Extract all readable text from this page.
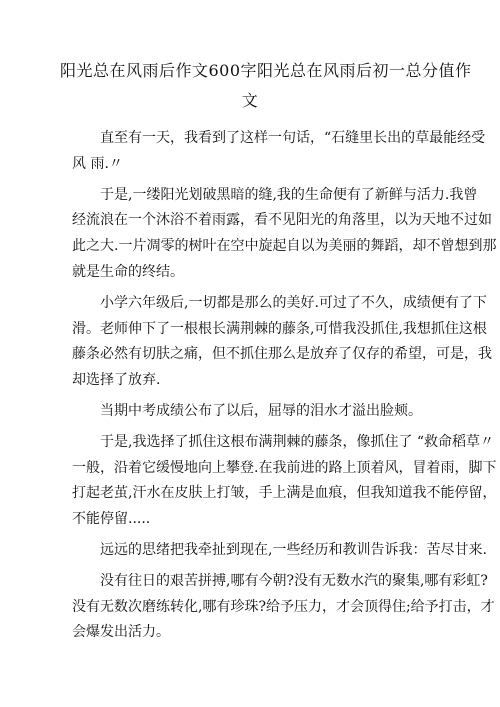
阳光总在风雨后作文600字阳光总在风雨后初一总分值作
文
直至有一天，我看到了这样一句话，“石缝里长出的草最能经受
风 雨.〃
于是,一缕阳光划破黑暗的缝,我的生命便有了新鲜与活力.我曾
经流浪在一个沐浴不着雨露，看不见阳光的角落里，以为天地不过如
此之大.一片凋零的树叶在空中旋起自以为美丽的舞蹈，却不曾想到那
就是生命的终结。
小学六年级后,一切都是那么的美好.可过了不久，成绩便有了下
滑。老师伸下了一根根长满荆棘的藤条,可惜我没抓住,我想抓住这根
藤条必然有切肤之痛，但不抓住那么是放弃了仅存的希望，可是，我
却选择了放弃.
当期中考成绩公布了以后，屈辱的泪水才溢出脸颊。
于是,我选择了抓住这根布满荆棘的藤条，像抓住了 “救命稻草〃
一般，沿着它缓慢地向上攀登.在我前进的路上顶着风，冒着雨，脚下
打起老茧,汗水在皮肤上打皱，手上满是血痕，但我知道我不能停留，
不能停留.....
远远的思绪把我牵扯到现在,一些经历和教训告诉我：苦尽甘来.
没有往日的艰苦拼搏,哪有今朝?没有无数水汽的聚集,哪有彩虹?
没有无数次磨练转化,哪有珍珠?给予压力，才会顶得住;给予打击，才
会爆发出活力。
